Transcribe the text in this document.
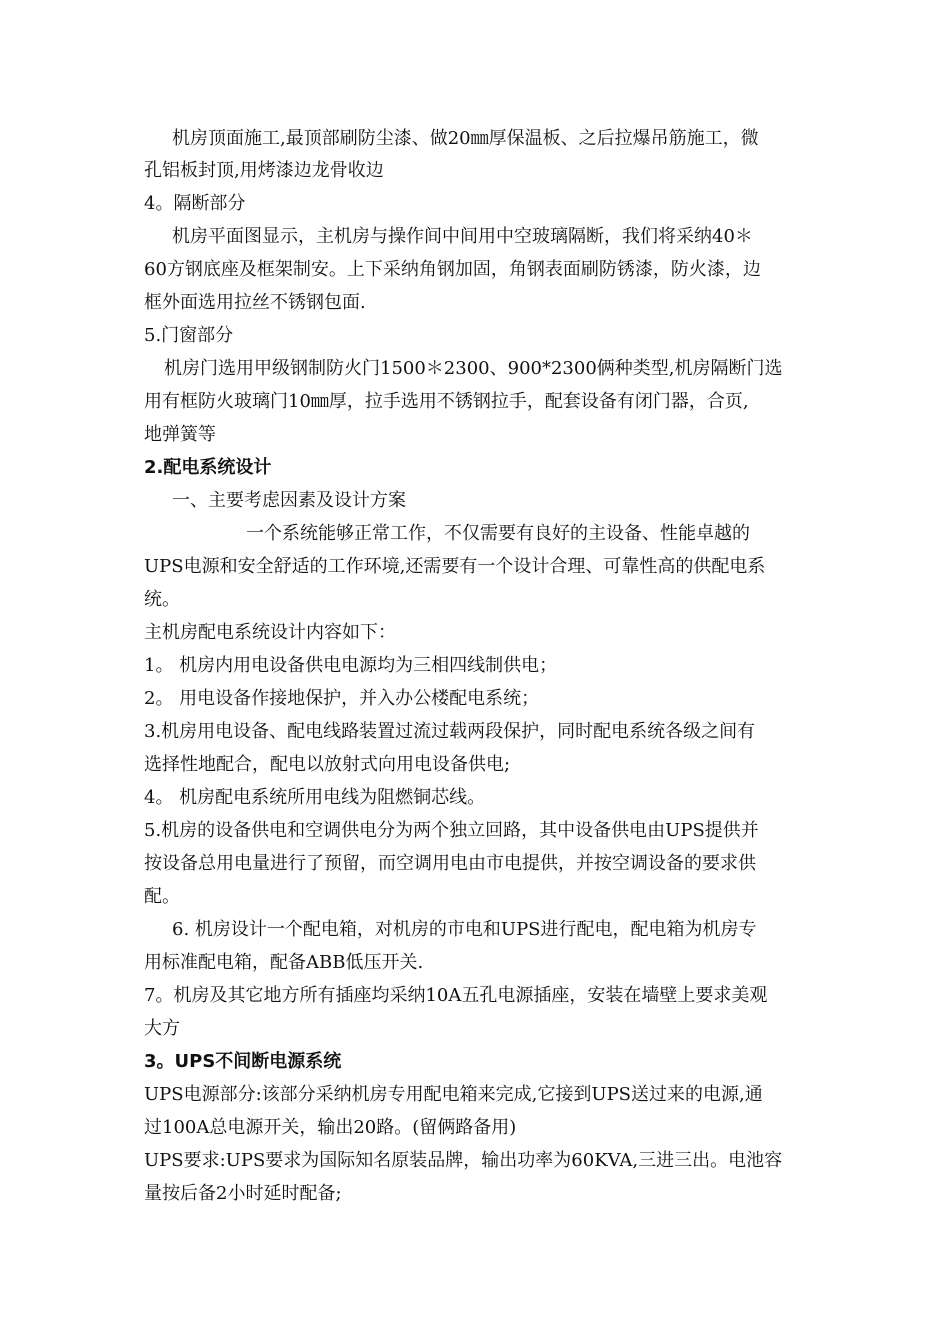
机房顶面施工,最顶部刷防尘漆、做20㎜厚保温板、之后拉爆吊筋施工，微
孔铝板封顶,用烤漆边龙骨收边
4。隔断部分
机房平面图显示，主机房与操作间中间用中空玻璃隔断，我们将采纳40＊
60方钢底座及框架制安。上下采纳角钢加固，角钢表面刷防锈漆，防火漆，边
框外面选用拉丝不锈钢包面.
5.门窗部分
机房门选用甲级钢制防火门1500＊2300、900*2300俩种类型,机房隔断门选
用有框防火玻璃门10㎜厚，拉手选用不锈钢拉手，配套设备有闭门器，合页,
地弹簧等
2.配电系统设计
一、主要考虑因素及设计方案
一个系统能够正常工作，不仅需要有良好的主设备、性能卓越的
UPS电源和安全舒适的工作环境,还需要有一个设计合理、可靠性高的供配电系
统。
主机房配电系统设计内容如下：
1。 机房内用电设备供电电源均为三相四线制供电；
2。 用电设备作接地保护，并入办公楼配电系统；
3.机房用电设备、配电线路装置过流过载两段保护，同时配电系统各级之间有
选择性地配合，配电以放射式向用电设备供电;
4。 机房配电系统所用电线为阻燃铜芯线。
5.机房的设备供电和空调供电分为两个独立回路，其中设备供电由UPS提供并
按设备总用电量进行了预留，而空调用电由市电提供，并按空调设备的要求供
配。
6. 机房设计一个配电箱，对机房的市电和UPS进行配电，配电箱为机房专
用标准配电箱，配备ABB低压开关.
7。机房及其它地方所有插座均采纳10A五孔电源插座，安装在墙壁上要求美观
大方
3。UPS不间断电源系统
UPS电源部分:该部分采纳机房专用配电箱来完成,它接到UPS送过来的电源,通
过100A总电源开关，输出20路。(留俩路备用)
UPS要求:UPS要求为国际知名原装品牌，输出功率为60KVA,三进三出。电池容
量按后备2小时延时配备;
